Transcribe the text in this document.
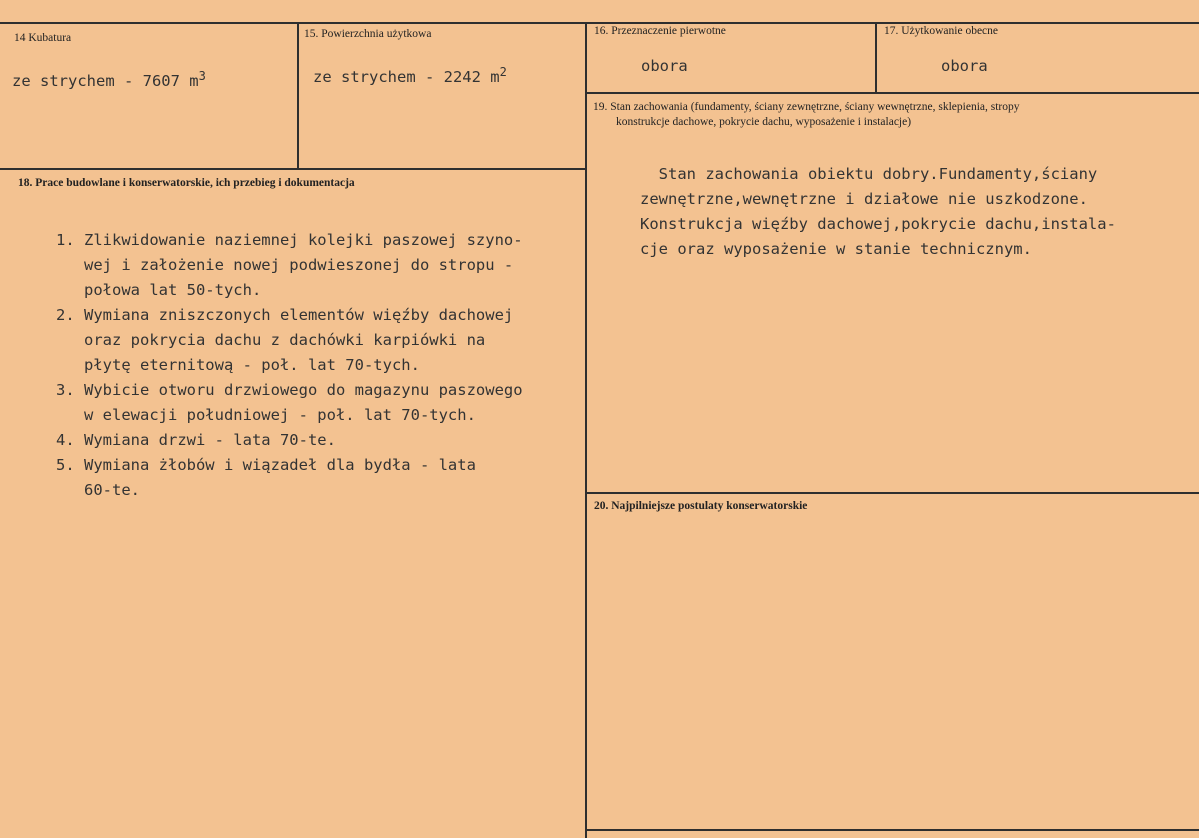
14 Kubatura
ze strychem - 7607 $m^3$
15. Powierzchnia użytkowa
ze strychem - 2242 $m^2$
16. Przeznaczenie pierwotne
obora
17. Użytkowanie obecne
obora
19. Stan zachowania (fundamenty, ściany zewnętrzne, ściany wewnętrzne, sklepienia, stropy
konstrukcje dachowe, pokrycie dachu, wyposażenie i instalacje)
Stan zachowania obiektu dobry.Fundamenty,ściany
zewnętrzne,wewnętrzne i działowe nie uszkodzone.
Konstrukcja więźby dachowej,pokrycie dachu,instala-
cje oraz wyposażenie w stanie technicznym.
18. Prace budowlane i konserwatorskie, ich przebieg i dokumentacja
1. Zlikwidowanie naziemnej kolejki paszowej szyno-
wej i założenie nowej podwieszonej do stropu -
połowa lat 50-tych.
2. Wymiana zniszczonych elementów więźby dachowej
oraz pokrycia dachu z dachówki karpiówki na
płytę eternitową - poł. lat 70-tych.
3. Wybicie otworu drzwiowego do magazynu paszowego
w elewacji południowej - poł. lat 70-tych.
4. Wymiana drzwi - lata 70-te.
5. Wymiana żłobów i wiązadeł dla bydła - lata
60-te.
20. Najpilniejsze postulaty konserwatorskie
